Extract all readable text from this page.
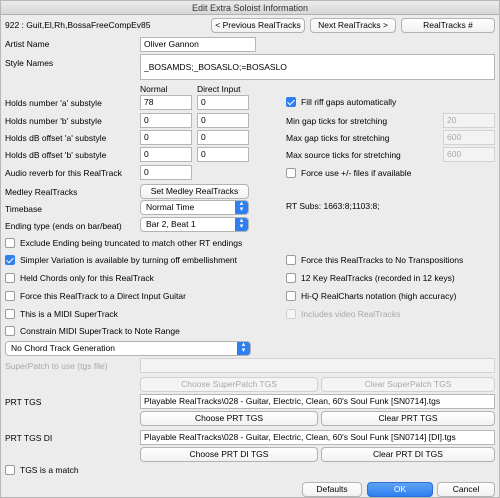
Edit Extra Soloist Information
922 : Guit,El,Rh,BossaFreeCompEv85	< Previous RealTracks	Next RealTracks >	RealTracks #
Artist Name	Oliver Gannon
Style Names	_BOSAMDS;_BOSASLO;=BOSASLO
Normal	Direct Input
Holds number 'a' substyle	78	0
Holds number 'b' substyle	0	0
Holds dB offset 'a' substyle	0	0
Holds dB offset 'b' substyle	0	0
Audio reverb for this RealTrack	0
Medley RealTracks	Set Medley RealTracks
Timebase	Normal Time	▴
▾
Ending type (ends on bar/beat)	Bar 2, Beat 1	▴
▾
Fill riff gaps automatically
Min gap ticks for stretching	20
Max gap ticks for stretching	600
Max source ticks for stretching	600
Force use +/- files if available
RT Subs: 1663:8;1103:8;
Exclude Ending being truncated to match other RT endings
Simpler Variation is available by turning off embellishment
Held Chords only for this RealTrack
Force this RealTrack to a Direct Input Guitar
This is a MIDI SuperTrack
Constrain MIDI SuperTrack to Note Range
Force this RealTracks to No Transpositions
12 Key RealTracks (recorded in 12 keys)
Hi-Q RealCharts notation (high accuracy)
Includes video RealTracks
No Chord Track Generation	▴
▾
SuperPatch to use (tgs file)
Choose SuperPatch TGS	Clear SuperPatch TGS
PRT TGS	Playable RealTracks\028 - Guitar, Electric, Clean, 60's Soul Funk [SN0714].tgs
Choose PRT TGS	Clear PRT TGS
PRT TGS DI	Playable RealTracks\028 - Guitar, Electric, Clean, 60's Soul Funk [SN0714] [DI].tgs
Choose PRT DI TGS	Clear PRT DI TGS
TGS is a match
Defaults	OK	Cancel
